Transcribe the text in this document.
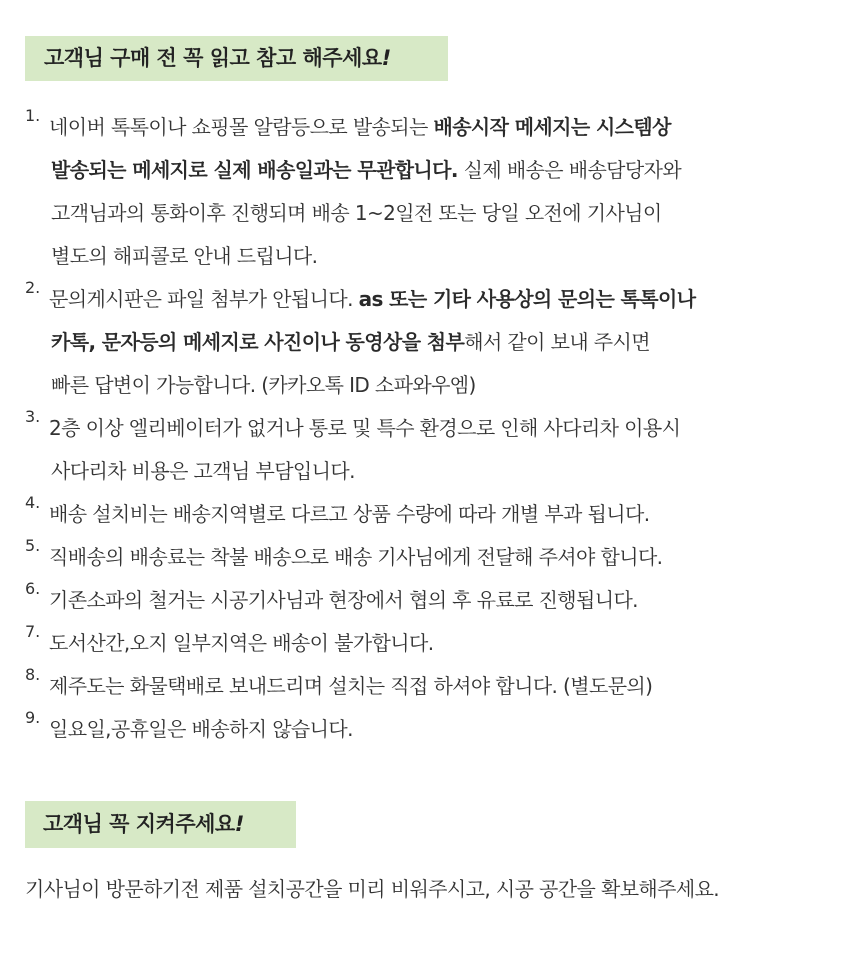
고객님 구매 전 꼭 읽고 참고 해주세요!
1. 네이버 톡톡이나 쇼핑몰 알람등으로 발송되는 배송시작 메세지는 시스템상
발송되는 메세지로 실제 배송일과는 무관합니다. 실제 배송은 배송담당자와
고객님과의 통화이후 진행되며 배송 1~2일전 또는 당일 오전에 기사님이
별도의 해피콜로 안내 드립니다.
2. 문의게시판은 파일 첨부가 안됩니다. as 또는 기타 사용상의 문의는 톡톡이나
카톡, 문자등의 메세지로 사진이나 동영상을 첨부해서 같이 보내 주시면
빠른 답변이 가능합니다. (카카오톡 ID 소파와우엠)
3. 2층 이상 엘리베이터가 없거나 통로 및 특수 환경으로 인해 사다리차 이용시
사다리차 비용은 고객님 부담입니다.
4. 배송 설치비는 배송지역별로 다르고 상품 수량에 따라 개별 부과 됩니다.
5. 직배송의 배송료는 착불 배송으로 배송 기사님에게 전달해 주셔야 합니다.
6. 기존소파의 철거는 시공기사님과 현장에서 협의 후 유료로 진행됩니다.
7. 도서산간,오지 일부지역은 배송이 불가합니다.
8. 제주도는 화물택배로 보내드리며 설치는 직접 하셔야 합니다. (별도문의)
9. 일요일,공휴일은 배송하지 않습니다.
고객님 꼭 지켜주세요!
기사님이 방문하기전 제품 설치공간을 미리 비워주시고, 시공 공간을 확보해주세요.
